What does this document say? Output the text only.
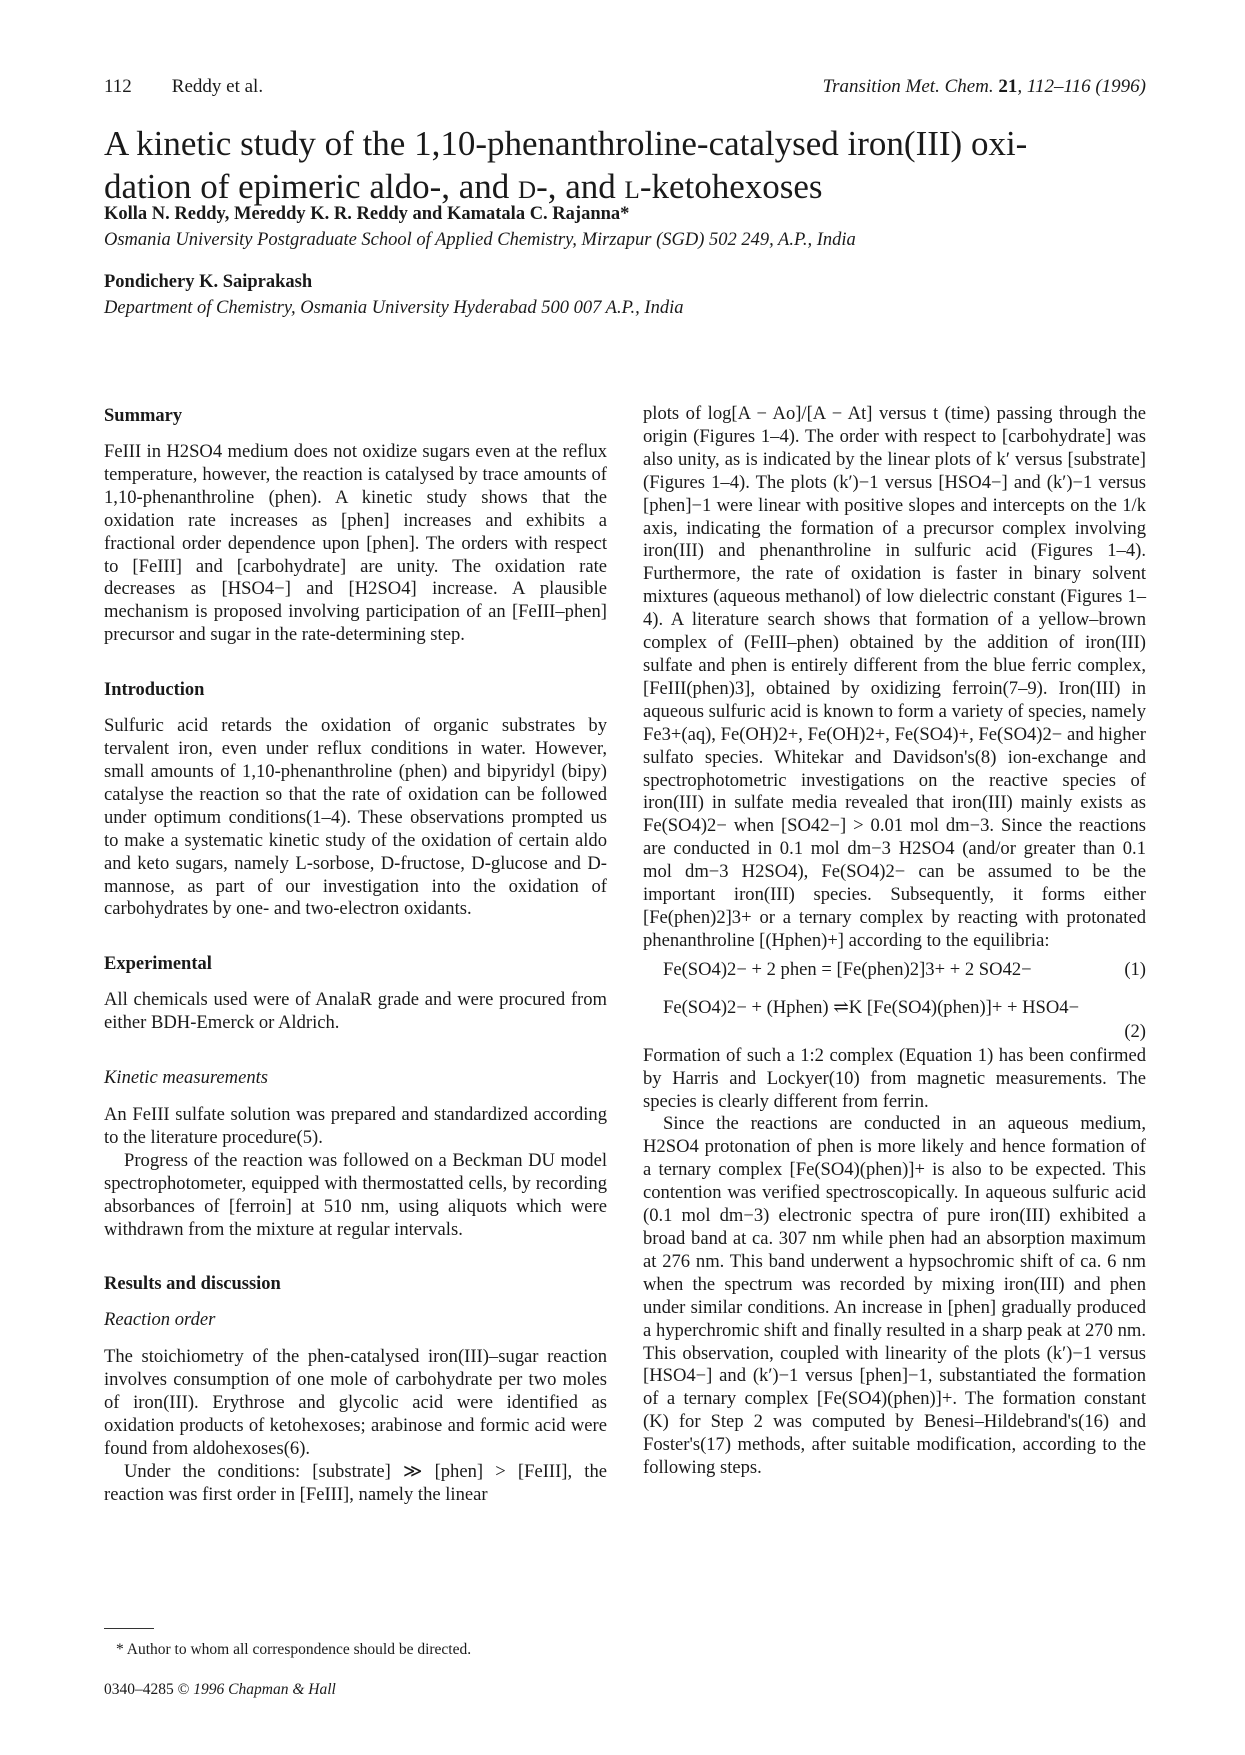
112 Reddy et al.	Transition Met. Chem. 21, 112–116 (1996)
A kinetic study of the 1,10-phenanthroline-catalysed iron(III) oxi-
dation of epimeric aldo-, and d-, and l-ketohexoses
Kolla N. Reddy, Mereddy K. R. Reddy and Kamatala C. Rajanna*
Osmania University Postgraduate School of Applied Chemistry, Mirzapur (SGD) 502 249, A.P., India
Pondichery K. Saiprakash
Department of Chemistry, Osmania University Hyderabad 500 007 A.P., India
Summary

FeIII in H2SO4 medium does not oxidize sugars even at the reflux temperature, however, the reaction is catalysed by trace amounts of 1,10-phenanthroline (phen). A kinetic study shows that the oxidation rate increases as [phen] increases and exhibits a fractional order dependence upon [phen]. The orders with respect to [FeIII] and [carbohydrate] are unity. The oxidation rate decreases as [HSO4−] and [H2SO4] increase. A plausible mechanism is proposed involving participation of an [FeIII–phen] precursor and sugar in the rate-determining step.

Introduction

Sulfuric acid retards the oxidation of organic substrates by tervalent iron, even under reflux conditions in water. However, small amounts of 1,10-phenanthroline (phen) and bipyridyl (bipy) catalyse the reaction so that the rate of oxidation can be followed under optimum conditions(1–4). These observations prompted us to make a systematic kinetic study of the oxidation of certain aldo and keto sugars, namely L-sorbose, D-fructose, D-glucose and D-mannose, as part of our investigation into the oxidation of carbohydrates by one- and two-electron oxidants.

Experimental

All chemicals used were of AnalaR grade and were procured from either BDH-Emerck or Aldrich.

Kinetic measurements

An FeIII sulfate solution was prepared and standardized according to the literature procedure(5).

Progress of the reaction was followed on a Beckman DU model spectrophotometer, equipped with thermostatted cells, by recording absorbances of [ferroin] at 510 nm, using aliquots which were withdrawn from the mixture at regular intervals.

Results and discussion
Reaction order

The stoichiometry of the phen-catalysed iron(III)–sugar reaction involves consumption of one mole of carbohydrate per two moles of iron(III). Erythrose and glycolic acid were identified as oxidation products of ketohexoses; arabinose and formic acid were found from aldohexoses(6).

Under the conditions: [substrate] ≫ [phen] > [FeIII], the reaction was first order in [FeIII], namely the linear

plots of log[A − Ao]/[A − At] versus t (time) passing through the origin (Figures 1–4). The order with respect to [carbohydrate] was also unity, as is indicated by the linear plots of k′ versus [substrate] (Figures 1–4). The plots (k′)−1 versus [HSO4−] and (k′)−1 versus [phen]−1 were linear with positive slopes and intercepts on the 1/k axis, indicating the formation of a precursor complex involving iron(III) and phenanthroline in sulfuric acid (Figures 1–4). Furthermore, the rate of oxidation is faster in binary solvent mixtures (aqueous methanol) of low dielectric constant (Figures 1–4). A literature search shows that formation of a yellow–brown complex of (FeIII–phen) obtained by the addition of iron(III) sulfate and phen is entirely different from the blue ferric complex, [FeIII(phen)3], obtained by oxidizing ferroin(7–9). Iron(III) in aqueous sulfuric acid is known to form a variety of species, namely Fe3+(aq), Fe(OH)2+, Fe(OH)2+, Fe(SO4)+, Fe(SO4)2− and higher sulfato species. Whitekar and Davidson's(8) ion-exchange and spectrophotometric investigations on the reactive species of iron(III) in sulfate media revealed that iron(III) mainly exists as Fe(SO4)2− when [SO42−] > 0.01 mol dm−3. Since the reactions are conducted in 0.1 mol dm−3 H2SO4 (and/or greater than 0.1 mol dm−3 H2SO4), Fe(SO4)2− can be assumed to be the important iron(III) species. Subsequently, it forms either [Fe(phen)2]3+ or a ternary complex by reacting with protonated phenanthroline [(Hphen)+] according to the equilibria:

Fe(SO4)2− + 2 phen = [Fe(phen)2]3+ + 2 SO42−	(1)
Fe(SO4)2− + (Hphen) ⇌K [Fe(SO4)(phen)]+ + HSO4−
(2)

Formation of such a 1:2 complex (Equation 1) has been confirmed by Harris and Lockyer(10) from magnetic measurements. The species is clearly different from ferrin.

Since the reactions are conducted in an aqueous medium, H2SO4 protonation of phen is more likely and hence formation of a ternary complex [Fe(SO4)(phen)]+ is also to be expected. This contention was verified spectroscopically. In aqueous sulfuric acid (0.1 mol dm−3) electronic spectra of pure iron(III) exhibited a broad band at ca. 307 nm while phen had an absorption maximum at 276 nm. This band underwent a hypsochromic shift of ca. 6 nm when the spectrum was recorded by mixing iron(III) and phen under similar conditions. An increase in [phen] gradually produced a hyperchromic shift and finally resulted in a sharp peak at 270 nm. This observation, coupled with linearity of the plots (k′)−1 versus [HSO4−] and (k′)−1 versus [phen]−1, substantiated the formation of a ternary complex [Fe(SO4)(phen)]+. The formation constant (K) for Step 2 was computed by Benesi–Hildebrand's(16) and Foster's(17) methods, after suitable modification, according to the following steps.

* Author to whom all correspondence should be directed.
0340–4285 © 1996 Chapman & Hall
